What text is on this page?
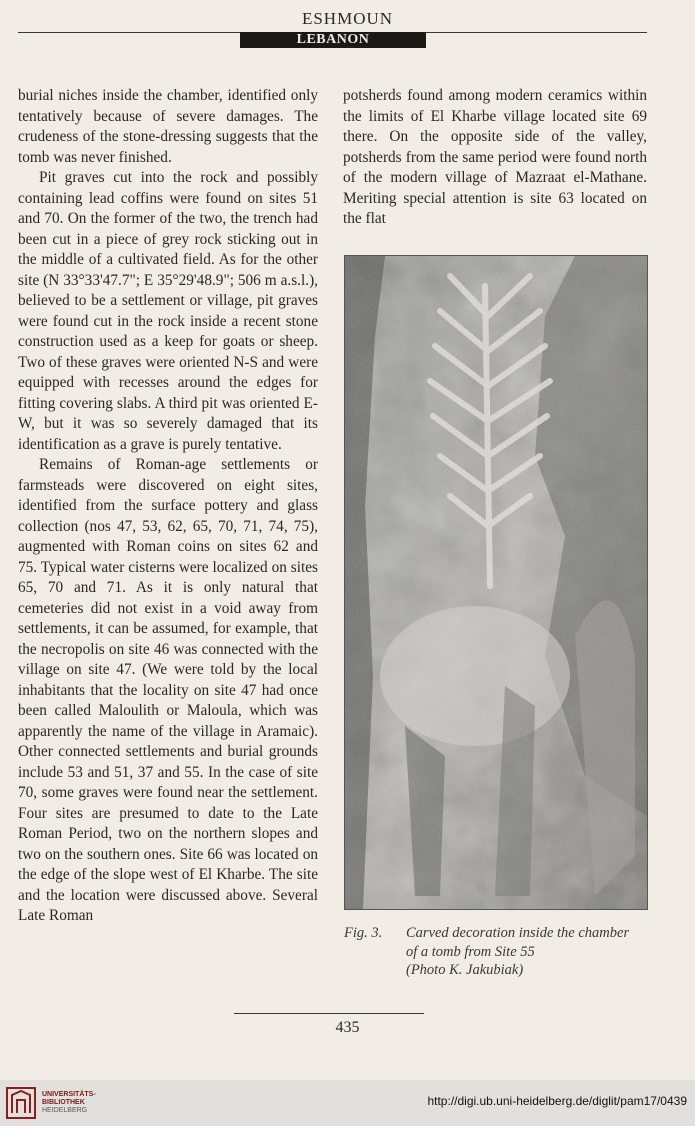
ESHMOUN
LEBANON

burial niches inside the chamber, identified only tentatively because of severe damages. The crudeness of the stone-dressing suggests that the tomb was never finished.

Pit graves cut into the rock and possibly containing lead coffins were found on sites 51 and 70. On the former of the two, the trench had been cut in a piece of grey rock sticking out in the middle of a cultivated field. As for the other site (N 33°33'47.7"; E 35°29'48.9"; 506 m a.s.l.), believed to be a settlement or village, pit graves were found cut in the rock inside a recent stone construction used as a keep for goats or sheep. Two of these graves were oriented N-S and were equipped with recesses around the edges for fitting covering slabs. A third pit was oriented E-W, but it was so severely damaged that its identification as a grave is purely tentative.

Remains of Roman-age settlements or farmsteads were discovered on eight sites, identified from the surface pottery and glass collection (nos 47, 53, 62, 65, 70, 71, 74, 75), augmented with Roman coins on sites 62 and 75. Typical water cisterns were localized on sites 65, 70 and 71. As it is only natural that cemeteries did not exist in a void away from settlements, it can be assumed, for example, that the necropolis on site 46 was connected with the village on site 47. (We were told by the local inhabitants that the locality on site 47 had once been called Maloulith or Maloula, which was apparently the name of the village in Aramaic). Other connected settlements and burial grounds include 53 and 51, 37 and 55. In the case of site 70, some graves were found near the settlement. Four sites are presumed to date to the Late Roman Period, two on the northern slopes and two on the southern ones. Site 66 was located on the edge of the slope west of El Kharbe. The site and the location were discussed above. Several Late Roman

potsherds found among modern ceramics within the limits of El Kharbe village located site 69 there. On the opposite side of the valley, potsherds from the same period were found north of the modern village of Mazraat el-Mathane. Meriting special attention is site 63 located on the flat

Fig. 3. Carved decoration inside the chamber
of a tomb from Site 55
(Photo K. Jakubiak)
435
UNIVERSITÄTS-
BIBLIOTHEK
HEIDELBERG
http://digi.ub.uni-heidelberg.de/diglit/pam17/0439
